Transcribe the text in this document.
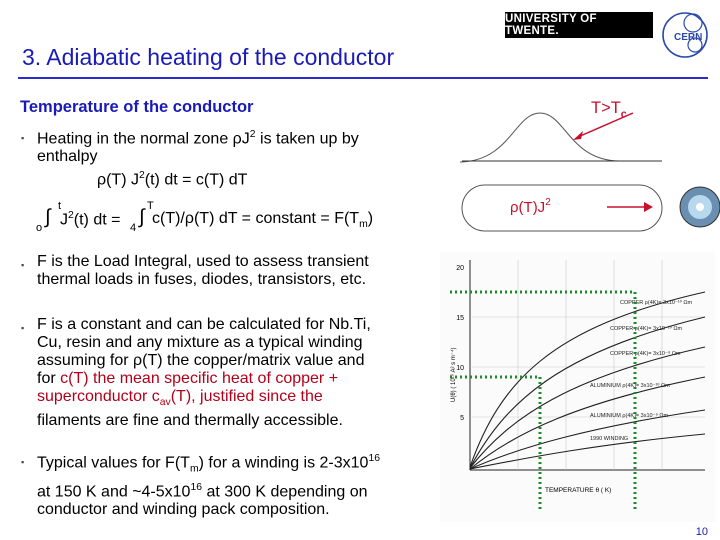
3. Adiabatic heating of the conductor
UNIVERSITY OF TWENTE.
CERN
Temperature of the conductor
▪ Heating in the normal zone $\rho J^2$ is taken up by
enthalpy
ρ(T) $J^2(t)$ dt = c(T) dT
o ∫ t
$J^2(t)$ dt = 4 ∫ T
c(T)/ρ(T) dT = constant = $F(T_m)$
▪ F is the Load Integral, used to assess transient
thermal loads in fuses, diodes, transistors, etc.
▪ F is a constant and can be calculated for Nb.Ti,
Cu, resin and any mixture as a typical winding
assuming for ρ(T) the copper/matrix value and
for c(T) the mean specific heat of copper +
superconductor $c_{av}(T)$, justified since the
filaments are fine and thermally accessible.
▪ Typical values for $F(T_m)$ for a winding is $2-3x10^{16}$
at 150 K and $\sim 4-5x10^{16}$ at 300 K depending on
conductor and winding pack composition.
$\rho(T)J^2$
$T>T_c$
20
15
10
5
U(θ) ( 10¹⁶ A² s m⁻⁴)
COPPER ρ(4K)= 3x10⁻¹⁰ Ωm
COPPER ρ(4K)= 3x10⁻¹⁰ Ωm
COPPER ρ(4K)= 3x10⁻⁹ Ωm
ALUMINIUM ρ(4K)= 3x10⁻¹⁰ Ωm
ALUMINIUM ρ(4K)= 3x10⁻⁹ Ωm
1990 WINDING
TEMPERATURE θ ( K)
10
